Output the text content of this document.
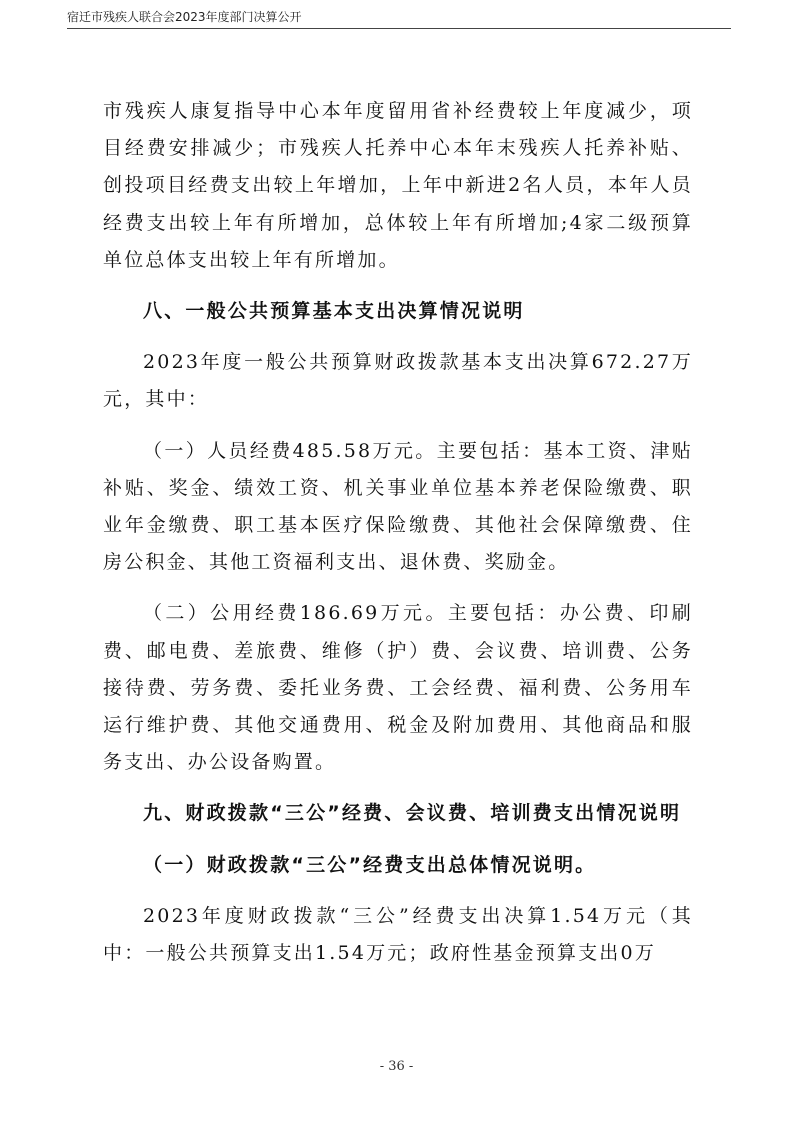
宿迁市残疾人联合会2023年度部门决算公开

市残疾人康复指导中心本年度留用省补经费较上年度减少，项目经费安排减少；市残疾人托养中心本年末残疾人托养补贴、创投项目经费支出较上年增加，上年中新进2名人员，本年人员经费支出较上年有所增加，总体较上年有所增加;4家二级预算单位总体支出较上年有所增加。

八、一般公共预算基本支出决算情况说明

2023年度一般公共预算财政拨款基本支出决算672.27万元，其中：

（一）人员经费485.58万元。主要包括：基本工资、津贴补贴、奖金、绩效工资、机关事业单位基本养老保险缴费、职业年金缴费、职工基本医疗保险缴费、其他社会保障缴费、住房公积金、其他工资福利支出、退休费、奖励金。

（二）公用经费186.69万元。主要包括：办公费、印刷费、邮电费、差旅费、维修（护）费、会议费、培训费、公务接待费、劳务费、委托业务费、工会经费、福利费、公务用车运行维护费、其他交通费用、税金及附加费用、其他商品和服务支出、办公设备购置。

九、财政拨款“三公”经费、会议费、培训费支出情况说明

（一）财政拨款“三公”经费支出总体情况说明。

2023年度财政拨款“三公”经费支出决算1.54万元（其中：一般公共预算支出1.54万元；政府性基金预算支出0万

- 36 -
